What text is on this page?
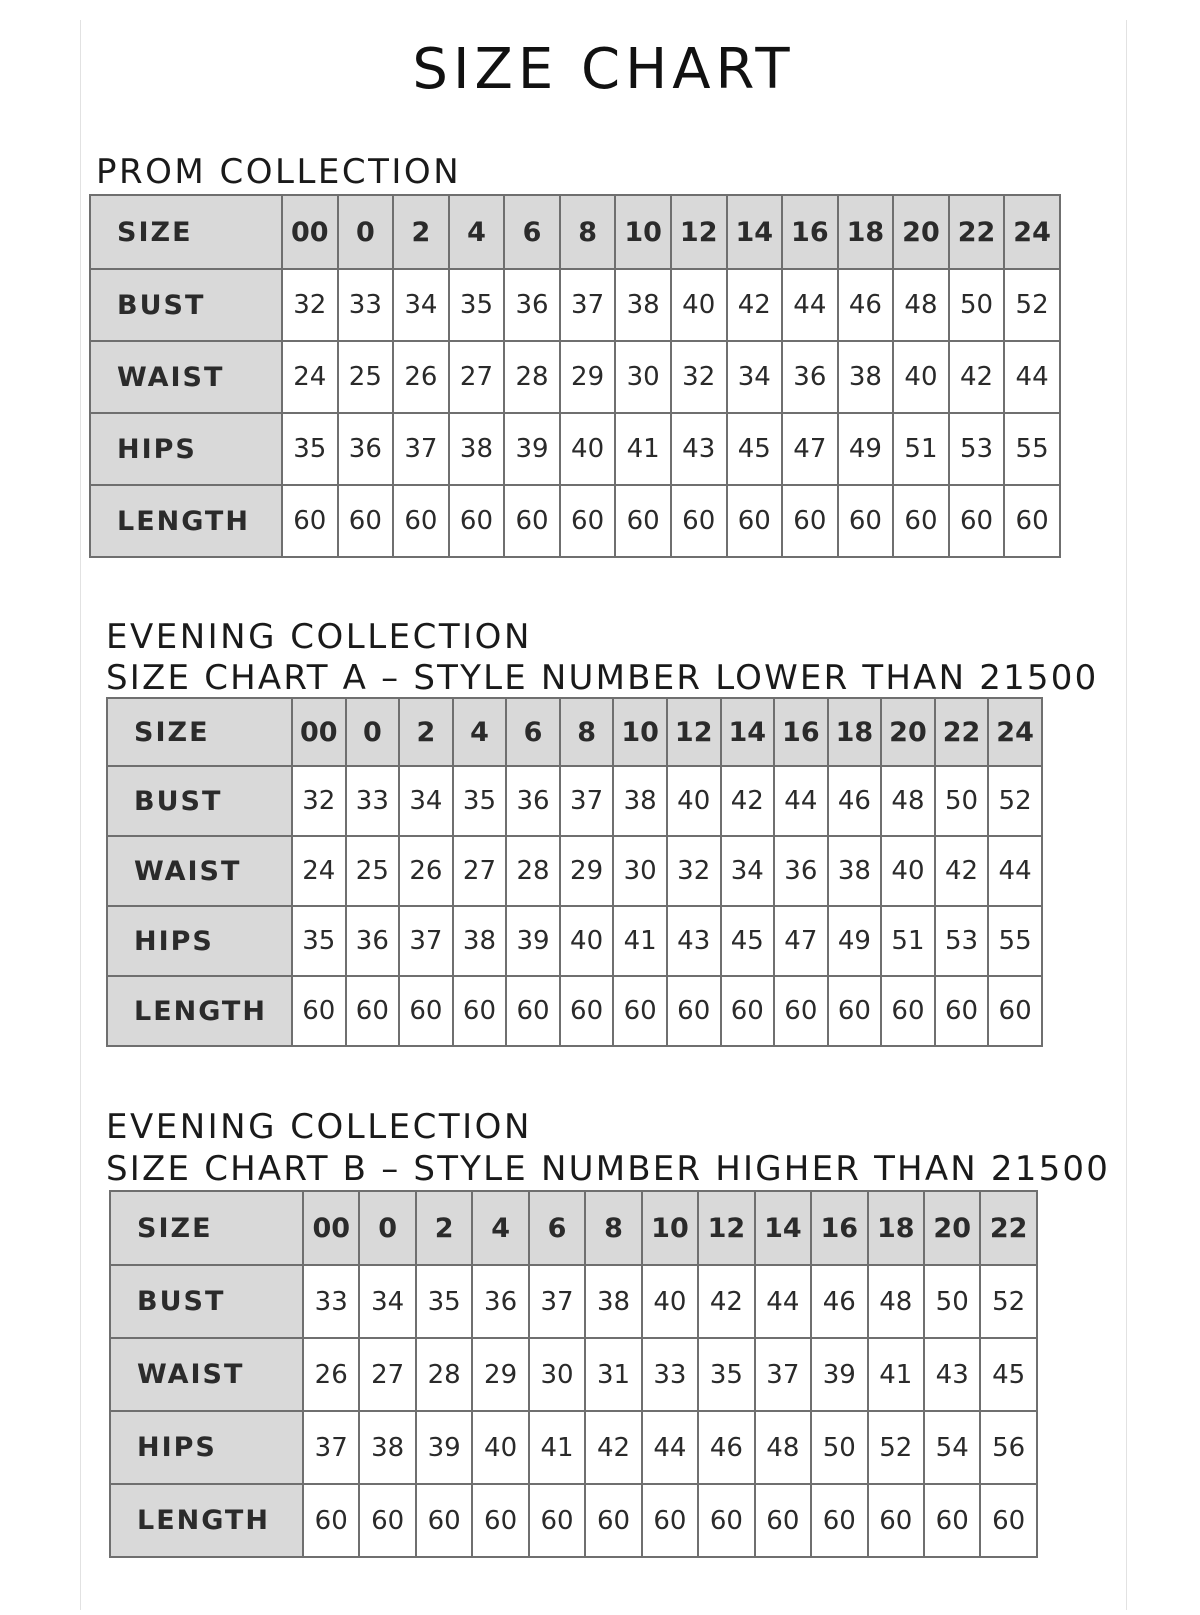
SIZE CHART
PROM COLLECTION
SIZE	00	0	2	4	6	8	10	12	14	16	18	20	22	24
BUST	32	33	34	35	36	37	38	40	42	44	46	48	50	52
WAIST	24	25	26	27	28	29	30	32	34	36	38	40	42	44
HIPS	35	36	37	38	39	40	41	43	45	47	49	51	53	55
LENGTH	60	60	60	60	60	60	60	60	60	60	60	60	60	60
EVENING COLLECTION
SIZE CHART A – STYLE NUMBER LOWER THAN 21500
SIZE	00	0	2	4	6	8	10	12	14	16	18	20	22	24
BUST	32	33	34	35	36	37	38	40	42	44	46	48	50	52
WAIST	24	25	26	27	28	29	30	32	34	36	38	40	42	44
HIPS	35	36	37	38	39	40	41	43	45	47	49	51	53	55
LENGTH	60	60	60	60	60	60	60	60	60	60	60	60	60	60
EVENING COLLECTION
SIZE CHART B – STYLE NUMBER HIGHER THAN 21500
SIZE	00	0	2	4	6	8	10	12	14	16	18	20	22
BUST	33	34	35	36	37	38	40	42	44	46	48	50	52
WAIST	26	27	28	29	30	31	33	35	37	39	41	43	45
HIPS	37	38	39	40	41	42	44	46	48	50	52	54	56
LENGTH	60	60	60	60	60	60	60	60	60	60	60	60	60
